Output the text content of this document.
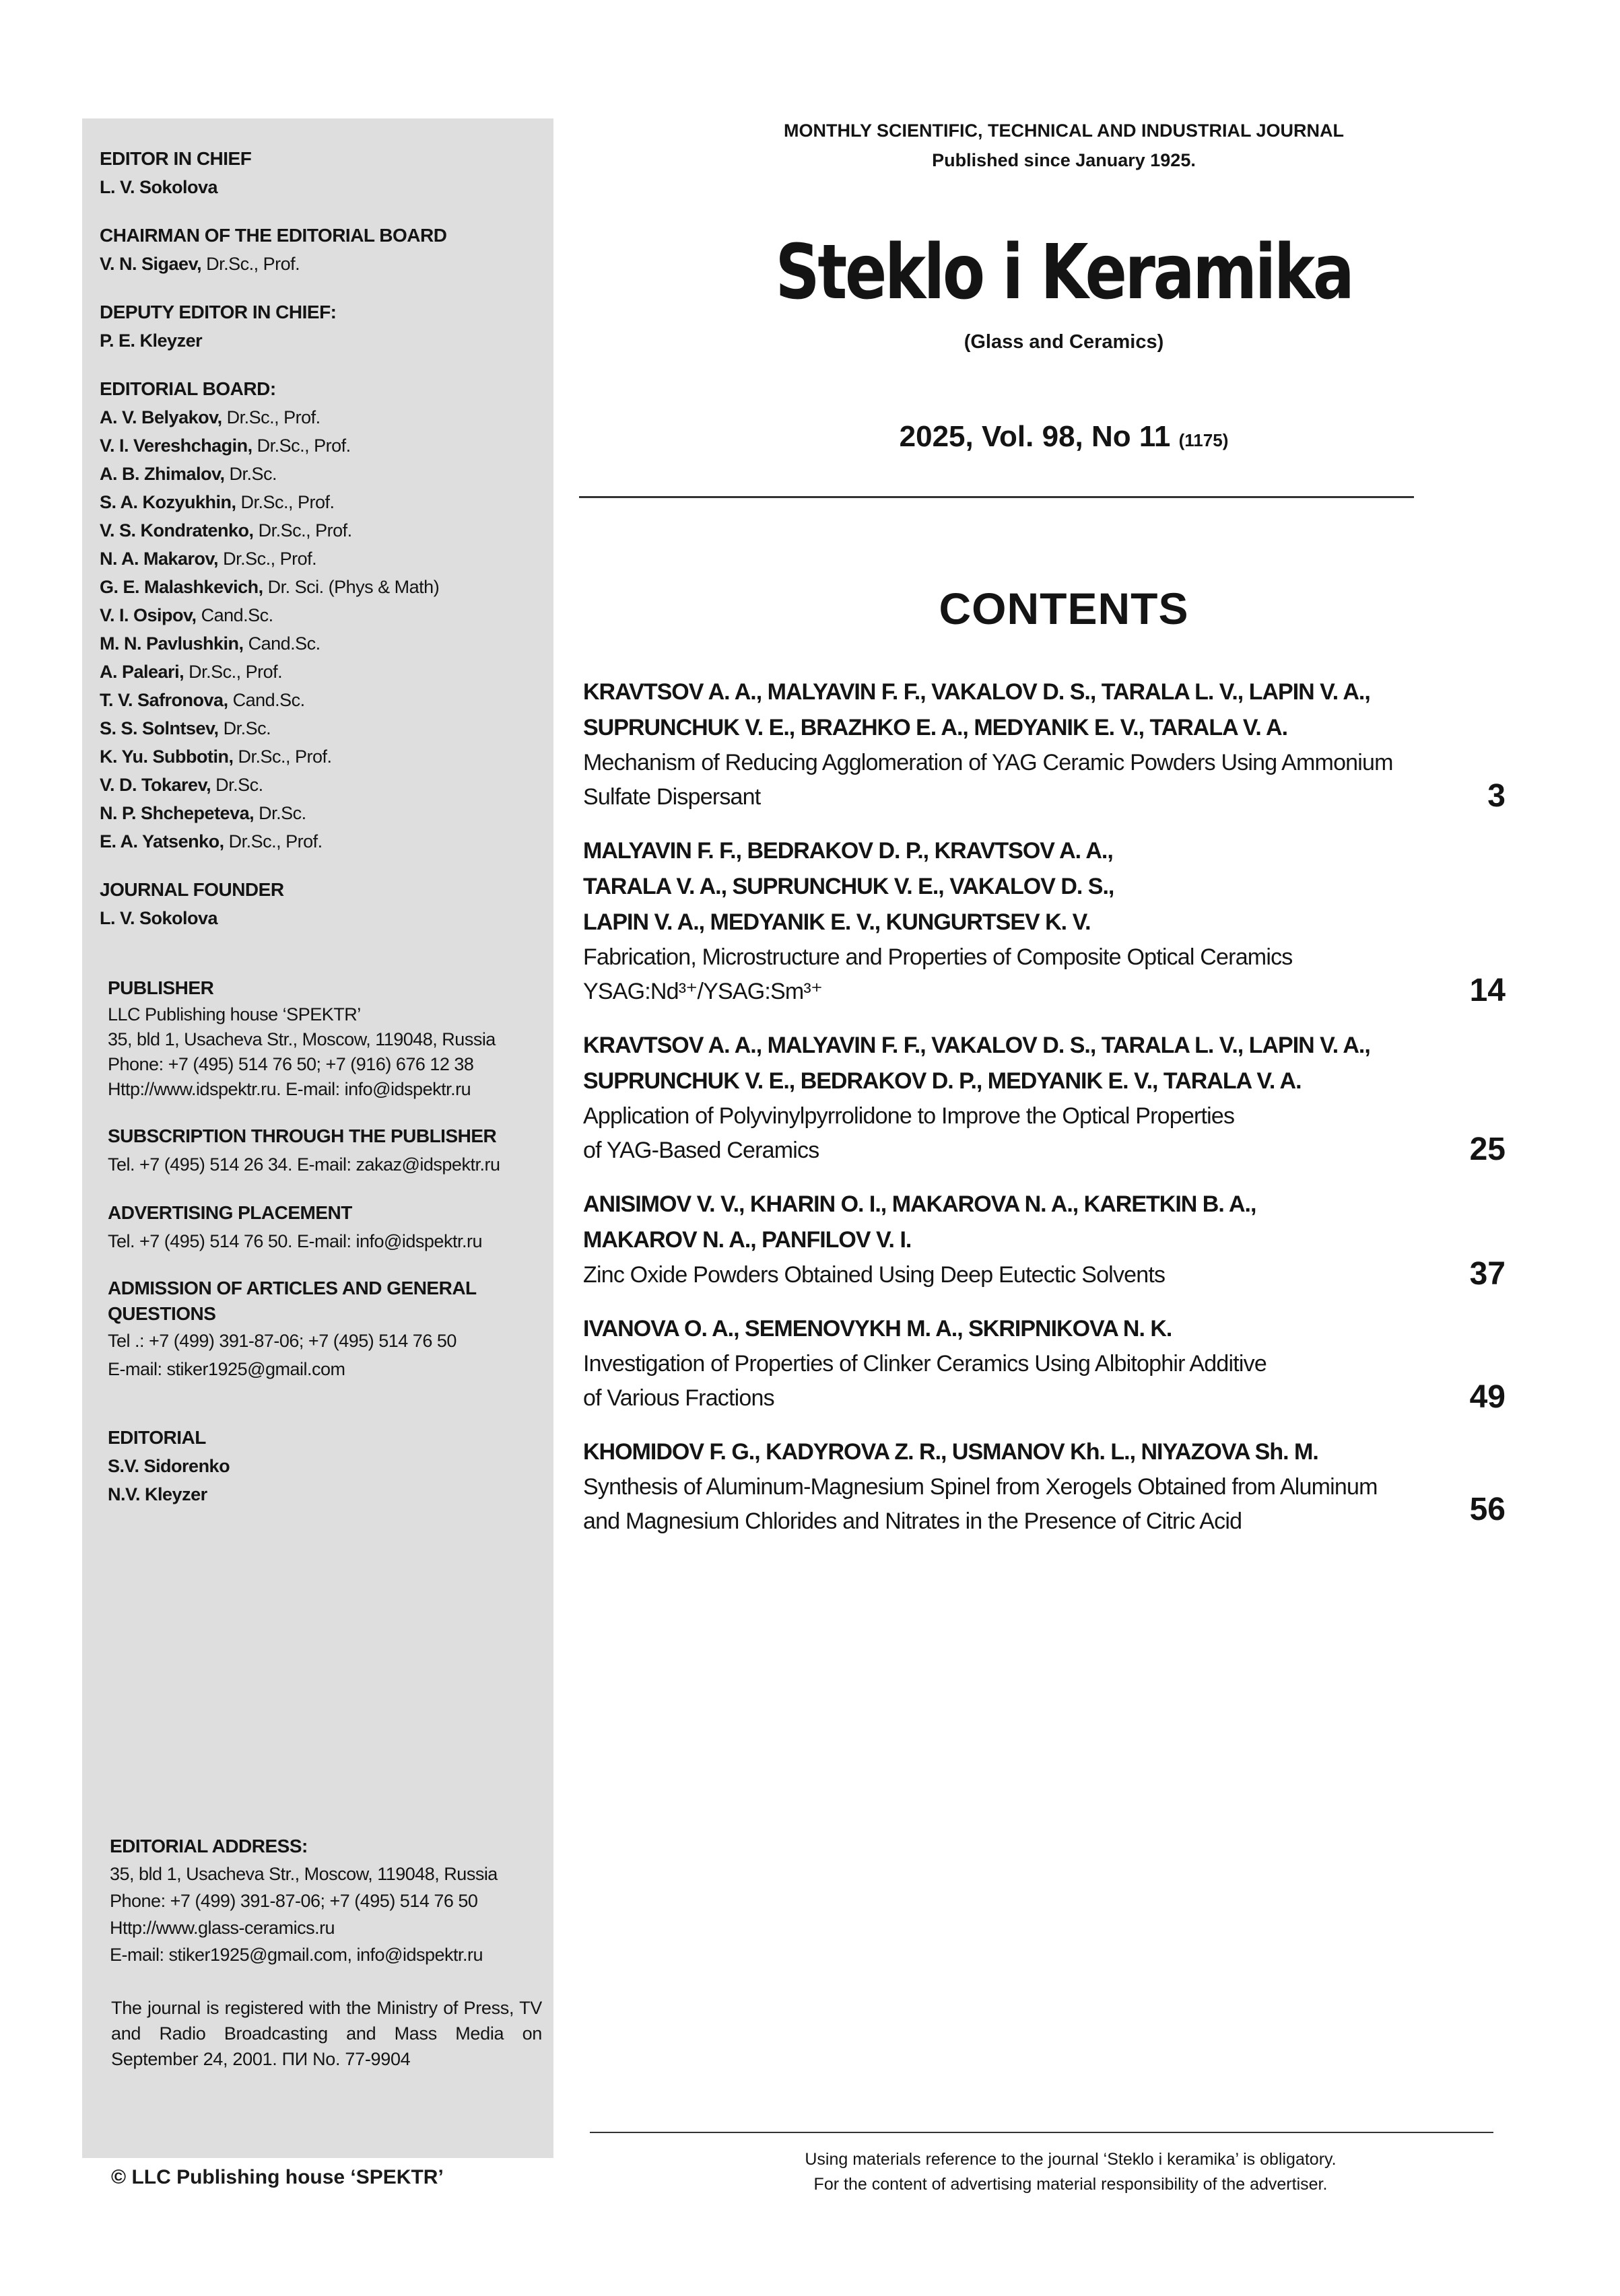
EDITOR IN CHIEF
L. V. Sokolova
CHAIRMAN OF THE EDITORIAL BOARD
V. N. Sigaev, Dr.Sc., Prof.
DEPUTY EDITOR IN CHIEF:
P. E. Kleyzer
EDITORIAL BOARD:
A. V. Belyakov, Dr.Sc., Prof.
V. I. Vereshchagin, Dr.Sc., Prof.
A. B. Zhimalov, Dr.Sc.
S. A. Kozyukhin, Dr.Sc., Prof.
V. S. Kondratenko, Dr.Sc., Prof.
N. A. Makarov, Dr.Sc., Prof.
G. E. Malashkevich, Dr. Sci. (Phys & Math)
V. I. Osipov, Cand.Sc.
M. N. Pavlushkin, Cand.Sc.
A. Paleari, Dr.Sc., Prof.
T. V. Safronova, Cand.Sc.
S. S. Solntsev, Dr.Sc.
K. Yu. Subbotin, Dr.Sc., Prof.
V. D. Tokarev, Dr.Sc.
N. P. Shchepeteva, Dr.Sc.
E. A. Yatsenko, Dr.Sc., Prof.
JOURNAL FOUNDER
L. V. Sokolova
PUBLISHER
LLC Publishing house ‘SPEKTR’
35, bld 1, Usacheva Str., Moscow, 119048, Russia
Phone: +7 (495) 514 76 50; +7 (916) 676 12 38
Http://www.idspektr.ru. E-mail: info@idspektr.ru
SUBSCRIPTION THROUGH THE PUBLISHER
Tel. +7 (495) 514 26 34. E-mail: zakaz@idspektr.ru
ADVERTISING PLACEMENT
Tel. +7 (495) 514 76 50. E-mail: info@idspektr.ru
ADMISSION OF ARTICLES AND GENERAL
QUESTIONS
Tel .: +7 (499) 391-87-06; +7 (495) 514 76 50
E-mail: stiker1925@gmail.com
EDITORIAL
S.V. Sidorenko
N.V. Kleyzer
EDITORIAL ADDRESS:
35, bld 1, Usacheva Str., Moscow, 119048, Russia
Phone: +7 (499) 391-87-06; +7 (495) 514 76 50
Http://www.glass-ceramics.ru
E-mail: stiker1925@gmail.com, info@idspektr.ru
The journal is registered with the Ministry of Press, TV and Radio Broadcasting and Mass Media on September 24, 2001. ПИ No. 77-9904
© LLC Publishing house ‘SPEKTR’
MONTHLY SCIENTIFIC, TECHNICAL AND INDUSTRIAL JOURNAL
Published since January 1925.
Steklo i Keramika
(Glass and Ceramics)
2025, Vol. 98, No 11 (1175)
CONTENTS
KRAVTSOV A. A., MALYAVIN F. F., VAKALOV D. S., TARALA L. V., LAPIN V. A.,
SUPRUNCHUK V. E., BRAZHKO E. A., MEDYANIK E. V., TARALA V. A.
Mechanism of Reducing Agglomeration of YAG Ceramic Powders Using Ammonium
Sulfate Dispersant	3
MALYAVIN F. F., BEDRAKOV D. P., KRAVTSOV A. A.,
TARALA V. A., SUPRUNCHUK V. E., VAKALOV D. S.,
LAPIN V. A., MEDYANIK E. V., KUNGURTSEV K. V.
Fabrication, Microstructure and Properties of Composite Optical Ceramics
YSAG:Nd³⁺/YSAG:Sm³⁺	14
KRAVTSOV A. A., MALYAVIN F. F., VAKALOV D. S., TARALA L. V., LAPIN V. A.,
SUPRUNCHUK V. E., BEDRAKOV D. P., MEDYANIK E. V., TARALA V. A.
Application of Polyvinylpyrrolidone to Improve the Optical Properties
of YAG-Based Ceramics	25
ANISIMOV V. V., KHARIN O. I., MAKAROVA N. A., KARETKIN B. A.,
MAKAROV N. A., PANFILOV V. I.
Zinc Oxide Powders Obtained Using Deep Eutectic Solvents	37
IVANOVA O. A., SEMENOVYKH M. A., SKRIPNIKOVA N. K.
Investigation of Properties of Clinker Ceramics Using Albitophir Additive
of Various Fractions	49
KHOMIDOV F. G., KADYROVA Z. R., USMANOV Kh. L., NIYAZOVA Sh. M.
Synthesis of Aluminum-Magnesium Spinel from Xerogels Obtained from Aluminum
and Magnesium Chlorides and Nitrates in the Presence of Citric Acid	56
Using materials reference to the journal ‘Steklo i keramika’ is obligatory.
For the content of advertising material responsibility of the advertiser.
